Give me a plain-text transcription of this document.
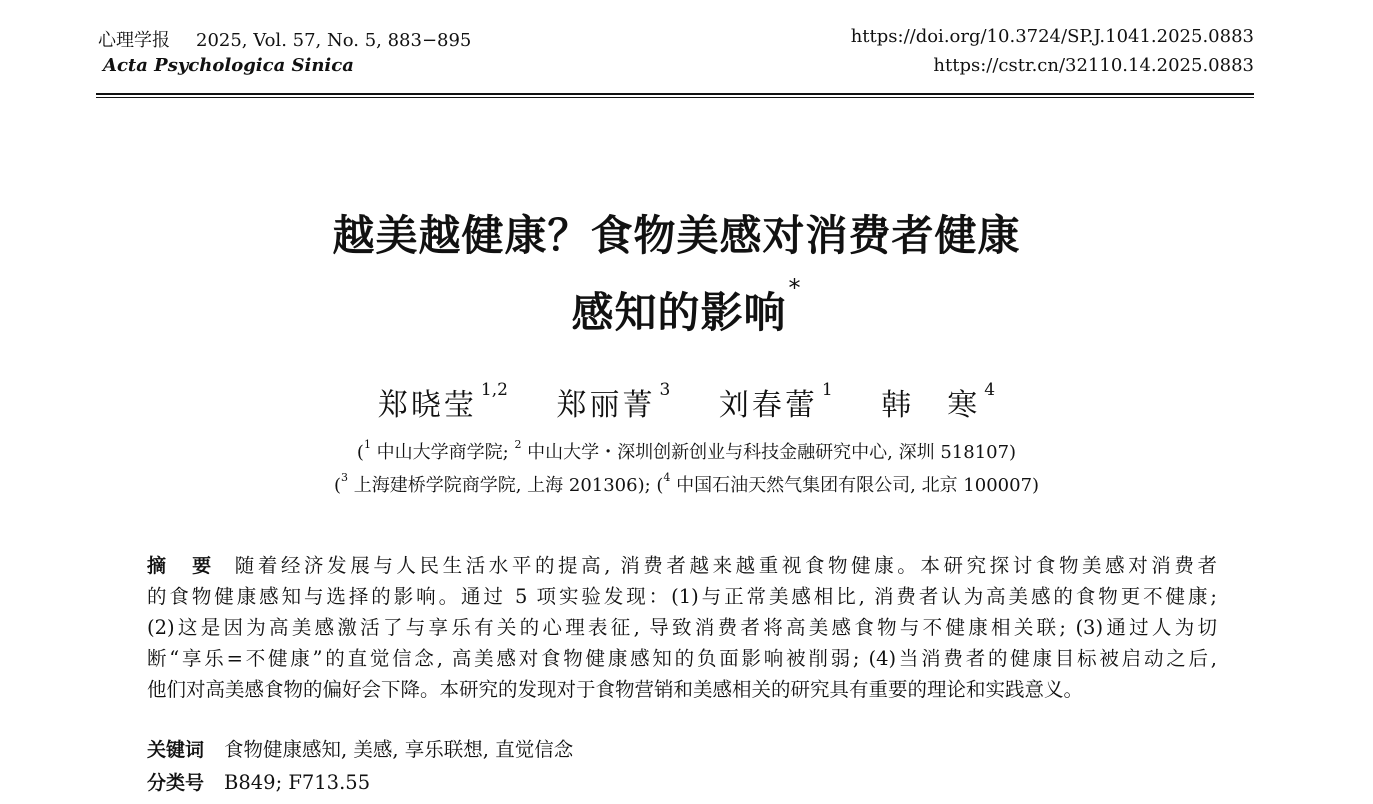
心理学报 2025, Vol. 57, No. 5, 883−895
Acta Psychologica Sinica
https://doi.org/10.3724/SP.J.1041.2025.0883
https://cstr.cn/32110.14.2025.0883
越美越健康？食物美感对消费者健康
感知的影响*
郑晓莹 $^{1,2}$ 郑丽菁 $^3$ 刘春蕾 $^1$ 韩　寒 $^4$
($^1$ 中山大学商学院; $^2$ 中山大学・深圳创新创业与科技金融研究中心, 深圳 518107)
($^3$ 上海建桥学院商学院, 上海 201306); ($^4$ 中国石油天然气集团有限公司, 北京 100007)
摘　要 随着经济发展与人民生活水平的提高, 消费者越来越重视食物健康。本研究探讨食物美感对消费者
的食物健康感知与选择的影响。通过 5 项实验发现：(1)与正常美感相比, 消费者认为高美感的食物更不健康;
(2)这是因为高美感激活了与享乐有关的心理表征, 导致消费者将高美感食物与不健康相关联; (3)通过人为切
断“享乐=不健康”的直觉信念, 高美感对食物健康感知的负面影响被削弱; (4)当消费者的健康目标被启动之后,
他们对高美感食物的偏好会下降。本研究的发现对于食物营销和美感相关的研究具有重要的理论和实践意义。
关键词 食物健康感知, 美感, 享乐联想, 直觉信念
分类号 B849; F713.55
